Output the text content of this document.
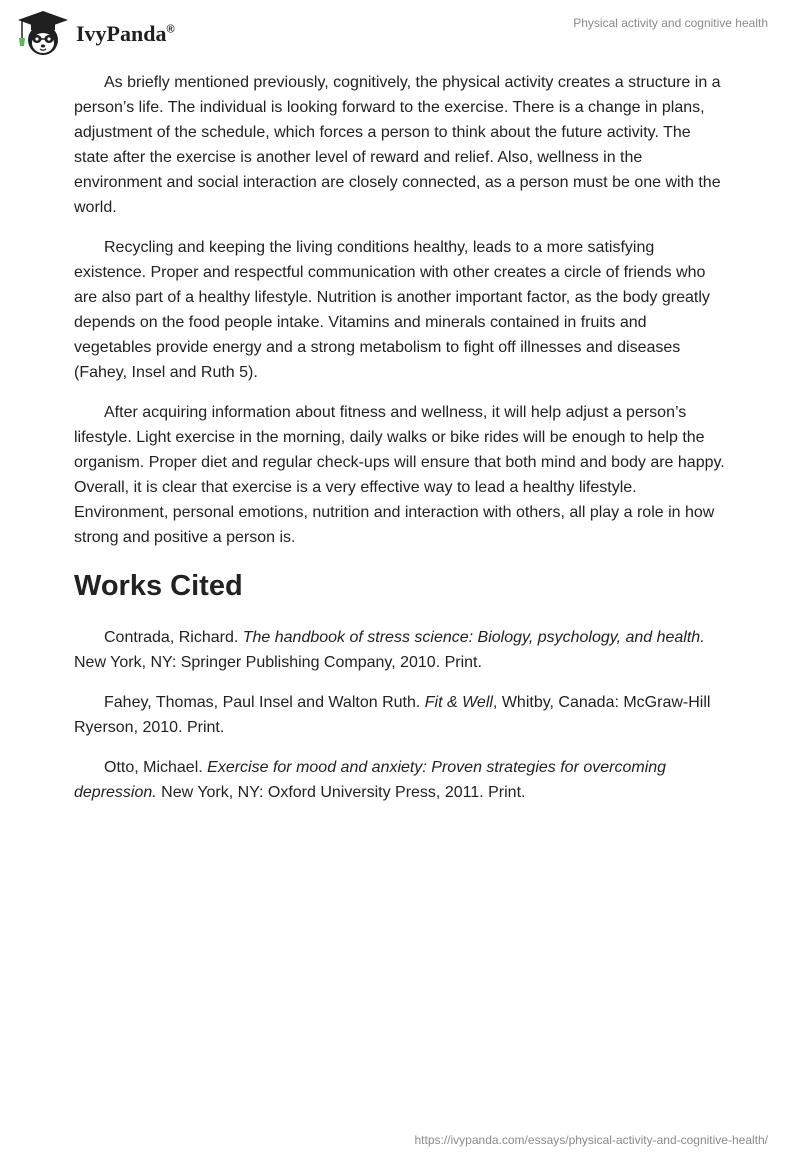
IvyPanda®	Physical activity and cognitive health

As briefly mentioned previously, cognitively, the physical activity creates a structure in a person’s life. The individual is looking forward to the exercise. There is a change in plans, adjustment of the schedule, which forces a person to think about the future activity. The state after the exercise is another level of reward and relief. Also, wellness in the environment and social interaction are closely connected, as a person must be one with the world.

Recycling and keeping the living conditions healthy, leads to a more satisfying existence. Proper and respectful communication with other creates a circle of friends who are also part of a healthy lifestyle. Nutrition is another important factor, as the body greatly depends on the food people intake. Vitamins and minerals contained in fruits and vegetables provide energy and a strong metabolism to fight off illnesses and diseases (Fahey, Insel and Ruth 5).

After acquiring information about fitness and wellness, it will help adjust a person’s lifestyle. Light exercise in the morning, daily walks or bike rides will be enough to help the organism. Proper diet and regular check-ups will ensure that both mind and body are happy. Overall, it is clear that exercise is a very effective way to lead a healthy lifestyle. Environment, personal emotions, nutrition and interaction with others, all play a role in how strong and positive a person is.

Works Cited

Contrada, Richard. The handbook of stress science: Biology, psychology, and health. New York, NY: Springer Publishing Company, 2010. Print.

Fahey, Thomas, Paul Insel and Walton Ruth. Fit & Well, Whitby, Canada: McGraw-Hill Ryerson, 2010. Print.

Otto, Michael. Exercise for mood and anxiety: Proven strategies for overcoming depression. New York, NY: Oxford University Press, 2011. Print.

https://ivypanda.com/essays/physical-activity-and-cognitive-health/
